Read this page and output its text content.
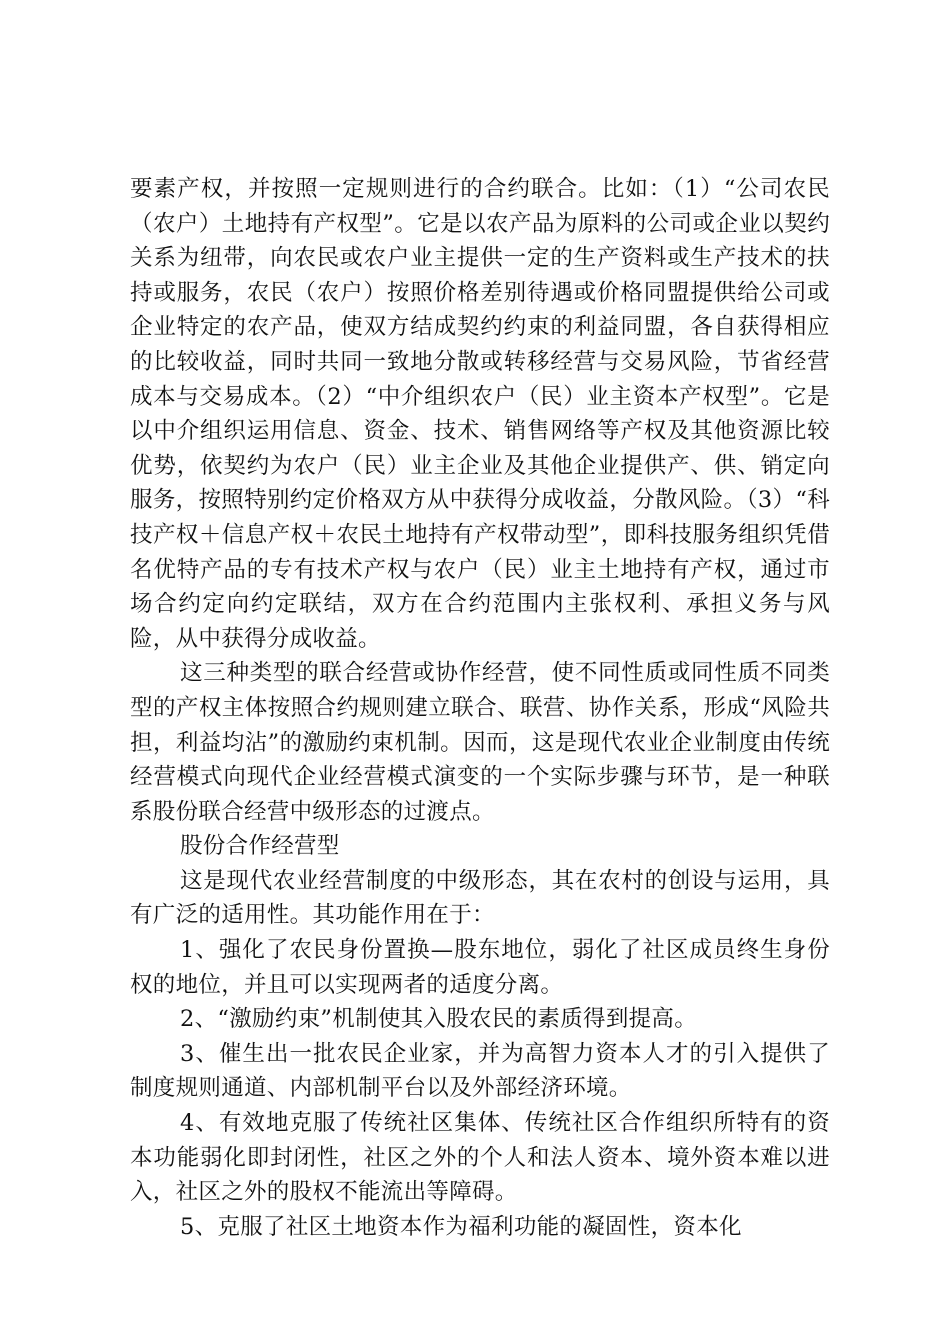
要素产权，并按照一定规则进行的合约联合。比如：（1）“公司农民（农户）土地持有产权型”。它是以农产品为原料的公司或企业以契约关系为纽带，向农民或农户业主提供一定的生产资料或生产技术的扶持或服务，农民（农户）按照价格差别待遇或价格同盟提供给公司或企业特定的农产品，使双方结成契约约束的利益同盟，各自获得相应的比较收益，同时共同一致地分散或转移经营与交易风险，节省经营成本与交易成本。（2）“中介组织农户（民）业主资本产权型”。它是以中介组织运用信息、资金、技术、销售网络等产权及其他资源比较优势，依契约为农户（民）业主企业及其他企业提供产、供、销定向服务，按照特别约定价格双方从中获得分成收益，分散风险。（3）“科技产权＋信息产权＋农民土地持有产权带动型”，即科技服务组织凭借名优特产品的专有技术产权与农户（民）业主土地持有产权，通过市场合约定向约定联结，双方在合约范围内主张权利、承担义务与风险，从中获得分成收益。

这三种类型的联合经营或协作经营，使不同性质或同性质不同类型的产权主体按照合约规则建立联合、联营、协作关系，形成“风险共担，利益均沾”的激励约束机制。因而，这是现代农业企业制度由传统经营模式向现代企业经营模式演变的一个实际步骤与环节，是一种联系股份联合经营中级形态的过渡点。

股份合作经营型

这是现代农业经营制度的中级形态，其在农村的创设与运用，具有广泛的适用性。其功能作用在于：

1、强化了农民身份置换—股东地位，弱化了社区成员终生身份权的地位，并且可以实现两者的适度分离。

2、“激励约束”机制使其入股农民的素质得到提高。

3、催生出一批农民企业家，并为高智力资本人才的引入提供了制度规则通道、内部机制平台以及外部经济环境。

4、有效地克服了传统社区集体、传统社区合作组织所特有的资本功能弱化即封闭性，社区之外的个人和法人资本、境外资本难以进入，社区之外的股权不能流出等障碍。

5、克服了社区土地资本作为福利功能的凝固性，资本化
